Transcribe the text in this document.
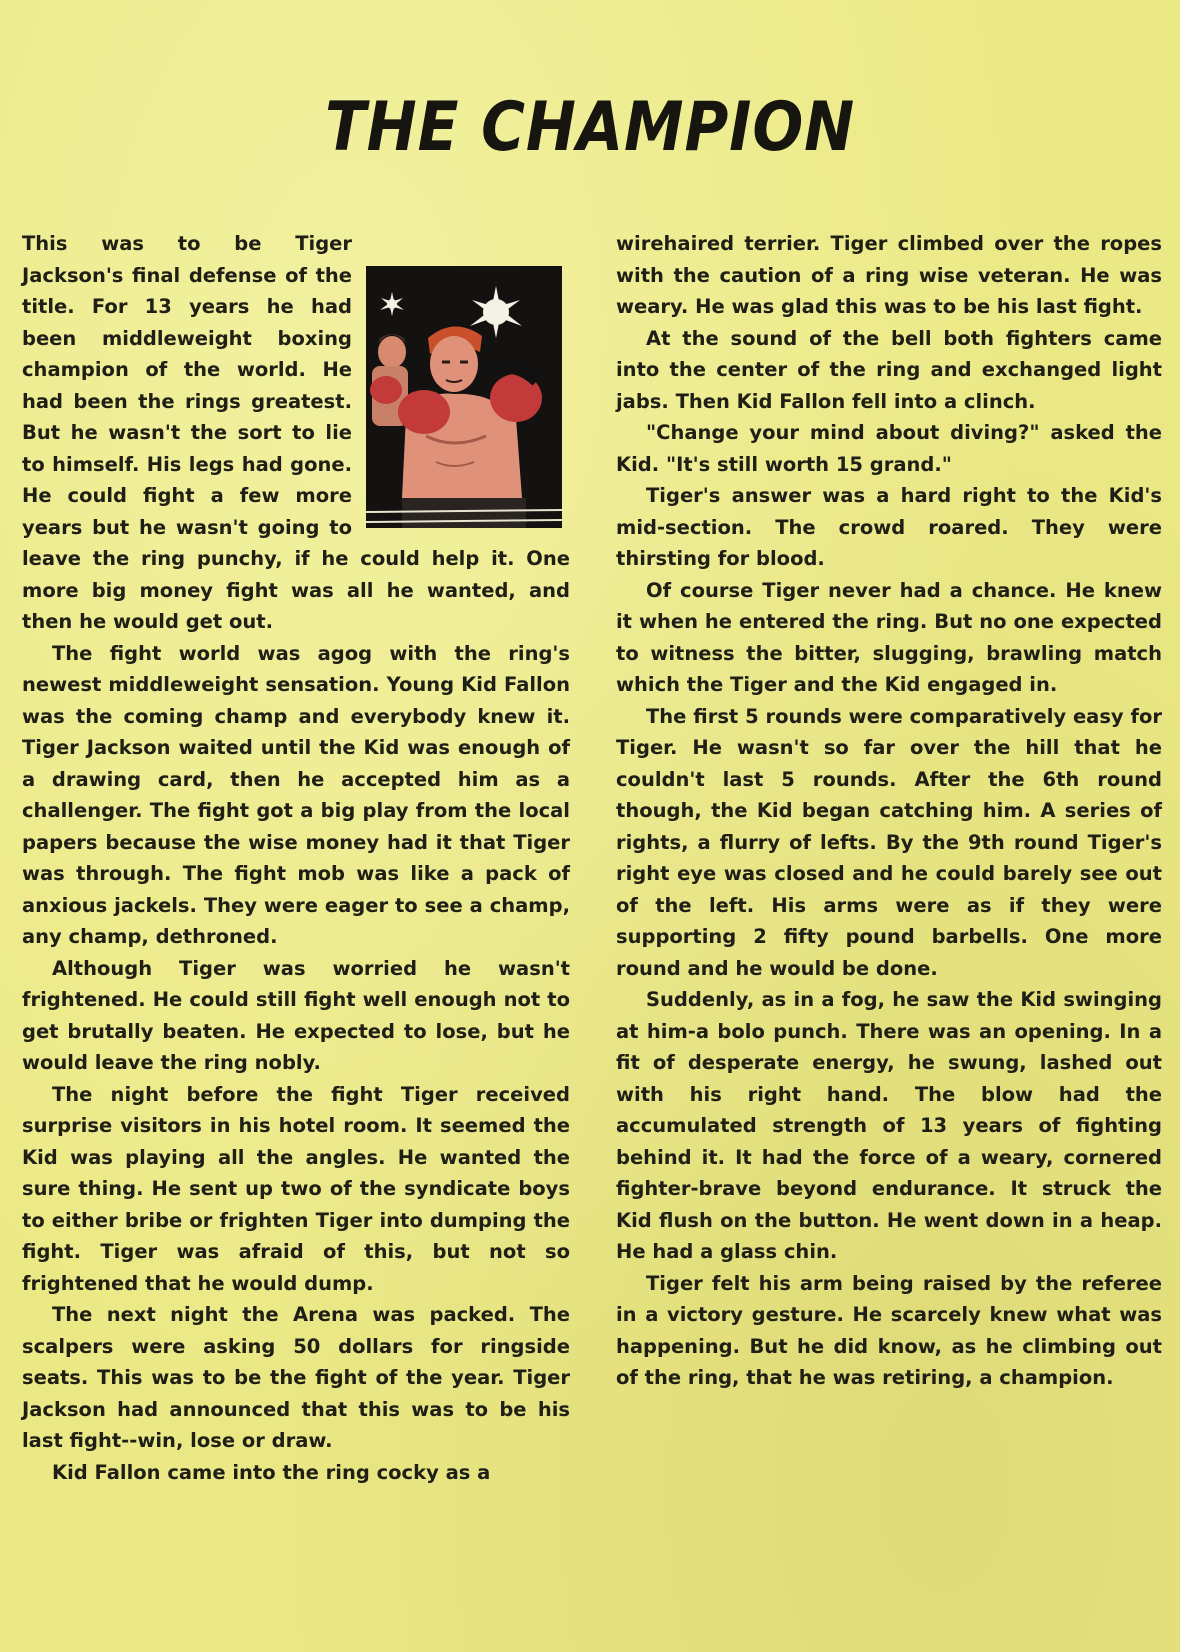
THE CHAMPION

This was to be Tiger Jackson's final defense of the title. For 13 years he had been middleweight boxing champion of the world. He had been the rings greatest. But he wasn't the sort to lie to himself. His legs had gone. He could fight a few more years but he wasn't going to leave the ring punchy, if he could help it. One more big money fight was all he wanted, and then he would get out.

The fight world was agog with the ring's newest middleweight sensation. Young Kid Fallon was the coming champ and everybody knew it. Tiger Jackson waited until the Kid was enough of a drawing card, then he accepted him as a challenger. The fight got a big play from the local papers because the wise money had it that Tiger was through. The fight mob was like a pack of anxious jackels. They were eager to see a champ, any champ, dethroned.

Although Tiger was worried he wasn't frightened. He could still fight well enough not to get brutally beaten. He expected to lose, but he would leave the ring nobly.

The night before the fight Tiger received surprise visitors in his hotel room. It seemed the Kid was playing all the angles. He wanted the sure thing. He sent up two of the syndicate boys to either bribe or frighten Tiger into dumping the fight. Tiger was afraid of this, but not so frightened that he would dump.

The next night the Arena was packed. The scalpers were asking 50 dollars for ringside seats. This was to be the fight of the year. Tiger Jackson had announced that this was to be his last fight--win, lose or draw.

Kid Fallon came into the ring cocky as a

wirehaired terrier. Tiger climbed over the ropes with the caution of a ring wise veteran. He was weary. He was glad this was to be his last fight.

At the sound of the bell both fighters came into the center of the ring and exchanged light jabs. Then Kid Fallon fell into a clinch.

"Change your mind about diving?" asked the Kid. "It's still worth 15 grand."

Tiger's answer was a hard right to the Kid's mid-section. The crowd roared. They were thirsting for blood.

Of course Tiger never had a chance. He knew it when he entered the ring. But no one expected to witness the bitter, slugging, brawling match which the Tiger and the Kid engaged in.

The first 5 rounds were comparatively easy for Tiger. He wasn't so far over the hill that he couldn't last 5 rounds. After the 6th round though, the Kid began catching him. A series of rights, a flurry of lefts. By the 9th round Tiger's right eye was closed and he could barely see out of the left. His arms were as if they were supporting 2 fifty pound barbells. One more round and he would be done.

Suddenly, as in a fog, he saw the Kid swinging at him-a bolo punch. There was an opening. In a fit of desperate energy, he swung, lashed out with his right hand. The blow had the accumulated strength of 13 years of fighting behind it. It had the force of a weary, cornered fighter-brave beyond endurance. It struck the Kid flush on the button. He went down in a heap. He had a glass chin.

Tiger felt his arm being raised by the referee in a victory gesture. He scarcely knew what was happening. But he did know, as he climbing out of the ring, that he was retiring, a champion.
